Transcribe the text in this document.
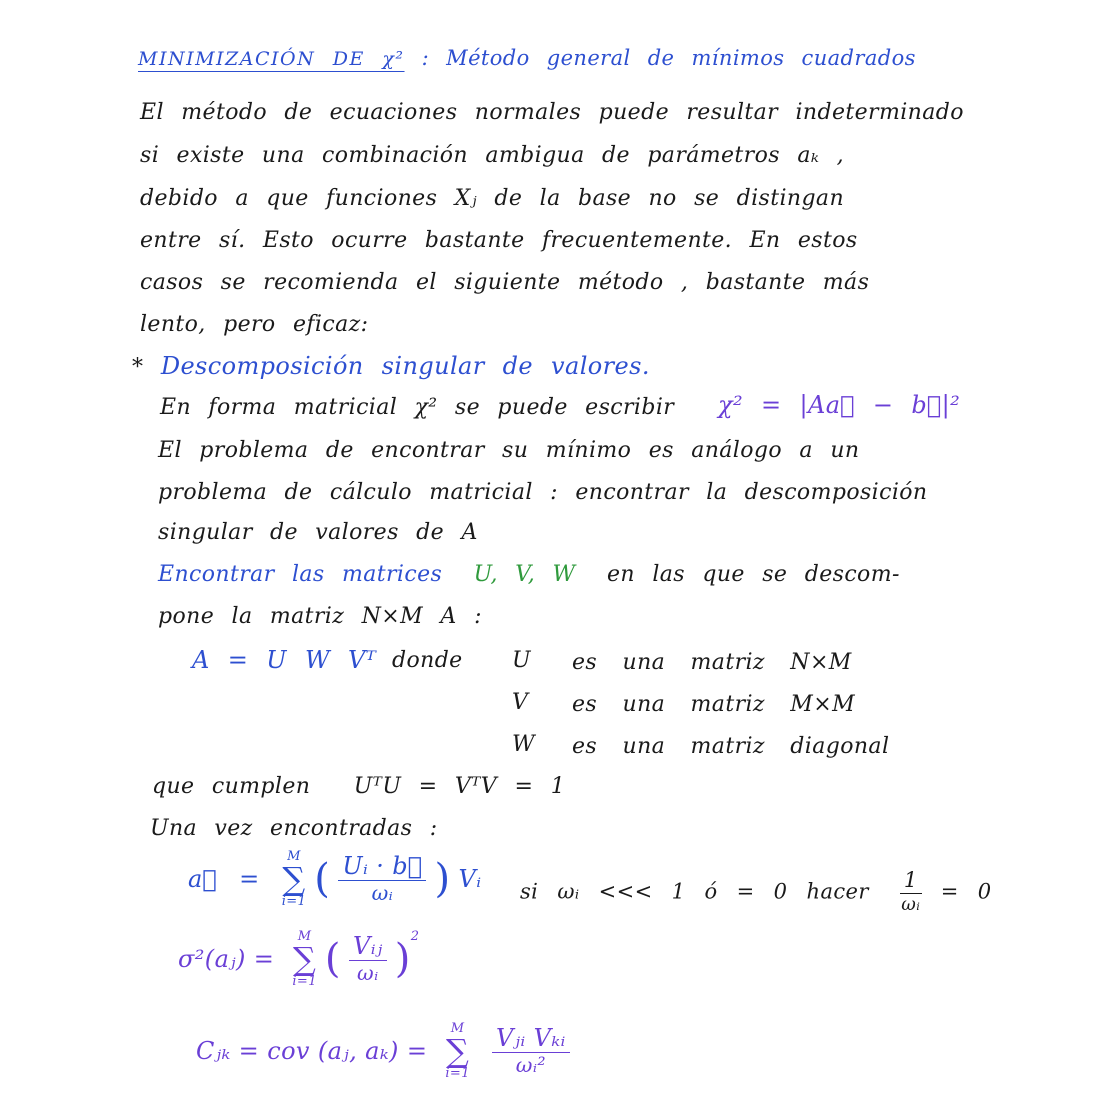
MINIMIZACIÓN DE χ² : Método general de mínimos cuadrados
El método de ecuaciones normales puede resultar indeterminado
si existe una combinación ambigua de parámetros aₖ ,
debido a que funciones Xⱼ de la base no se distingan
entre sí. Esto ocurre bastante frecuentemente. En estos
casos se recomienda el siguiente método , bastante más
lento, pero eficaz:
* Descomposición singular de valores.
En forma matricial χ² se puede escribir χ² = |Aa⃗ − b⃗|²
El problema de encontrar su mínimo es análogo a un
problema de cálculo matricial : encontrar la descomposición
singular de valores de A
Encontrar las matrices U, V, W en las que se descom-
pone la matriz N×M A :
A = U W Vᵀ donde U es una matriz N×M
V es una matriz M×M
W es una matriz diagonal
que cumplen UᵀU = VᵀV = 1
Una vez encontradas :
a⃗ =
M
∑
i=1 ( $\frac{\text{Uᵢ · b⃗}}{\text{ωᵢ}}$ ) Vᵢ si ωᵢ <<< 1 ó = 0 hacer $\frac{1}{\text{ωᵢ}} = 0$
σ²(aⱼ) =
M
∑
i=1 ( $\frac{\text{Vᵢⱼ}}{\text{ωᵢ}} )^2$
Cⱼₖ = cov (aⱼ, aₖ) =
M
∑
i=1
$\frac{\text{Vⱼᵢ Vₖᵢ}}{\text{ωᵢ²}}$
